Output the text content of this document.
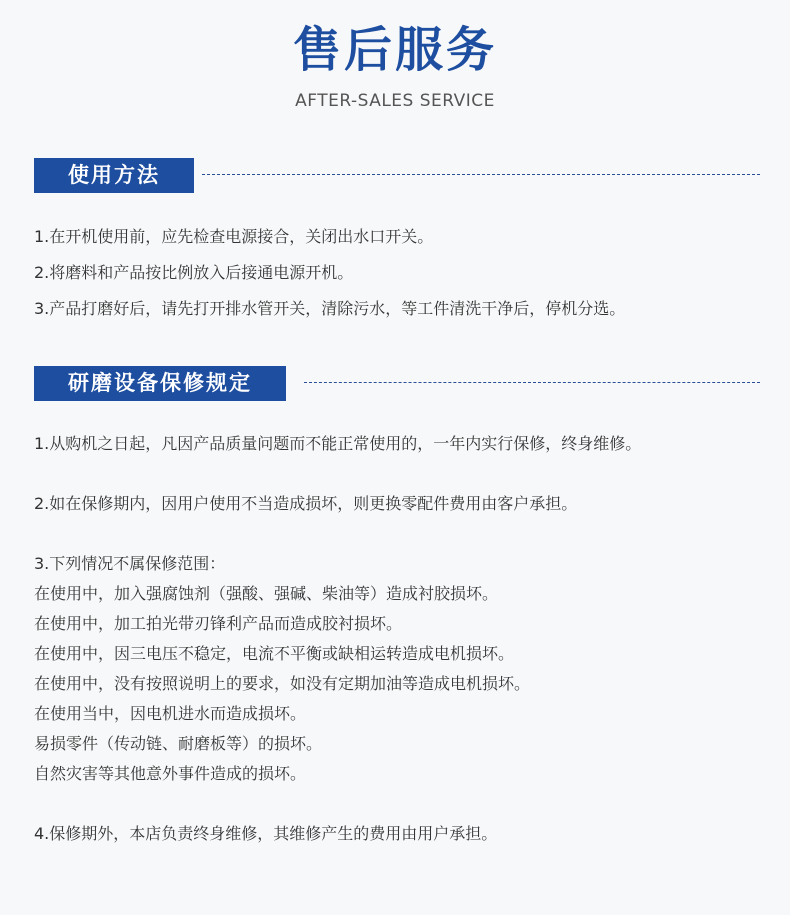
售后服务
AFTER-SALES SERVICE
使用方法
1.在开机使用前，应先检查电源接合，关闭出水口开关。
2.将磨料和产品按比例放入后接通电源开机。
3.产品打磨好后，请先打开排水管开关，清除污水，等工件清洗干净后，停机分选。
研磨设备保修规定
1.从购机之日起，凡因产品质量问题而不能正常使用的，一年内实行保修，终身维修。
2.如在保修期内，因用户使用不当造成损坏，则更换零配件费用由客户承担。
3.下列情况不属保修范围：
在使用中，加入强腐蚀剂（强酸、强碱、柴油等）造成衬胶损坏。
在使用中，加工拍光带刃锋利产品而造成胶衬损坏。
在使用中，因三电压不稳定，电流不平衡或缺相运转造成电机损坏。
在使用中，没有按照说明上的要求，如没有定期加油等造成电机损坏。
在使用当中，因电机进水而造成损坏。
易损零件（传动链、耐磨板等）的损坏。
自然灾害等其他意外事件造成的损坏。
4.保修期外，本店负责终身维修，其维修产生的费用由用户承担。
